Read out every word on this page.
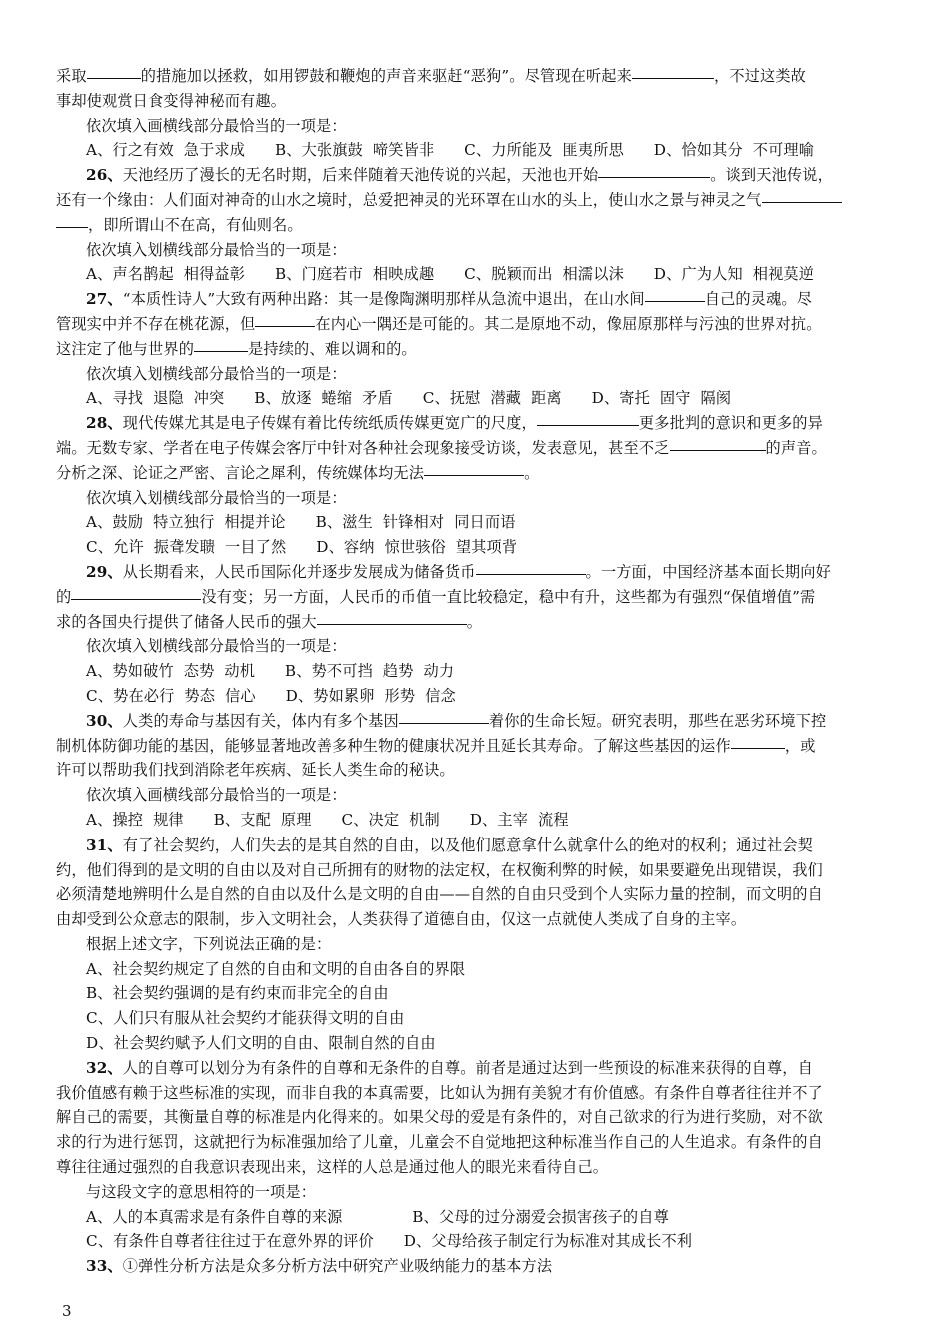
采取	的措施加以拯救，如用锣鼓和鞭炮的声音来驱赶“恶狗”。尽管现在听起来	，不过这类故
事却使观赏日食变得神秘而有趣。
依次填入画横线部分最恰当的一项是：
A、行之有效  急于求成      B、大张旗鼓  啼笑皆非      C、力所能及  匪夷所思      D、恰如其分  不可理喻
26、天池经历了漫长的无名时期，后来伴随着天池传说的兴起，天池也开始	。谈到天池传说，
还有一个缘由：人们面对神奇的山水之境时，总爱把神灵的光环罩在山水的头上，使山水之景与神灵之气
，即所谓山不在高，有仙则名。
依次填入划横线部分最恰当的一项是：
A、声名鹊起  相得益彰      B、门庭若市  相映成趣      C、脱颖而出  相濡以沫      D、广为人知  相视莫逆
27、“本质性诗人”大致有两种出路：其一是像陶渊明那样从急流中退出，在山水间	自己的灵魂。尽
管现实中并不存在桃花源，但	在内心一隅还是可能的。其二是原地不动，像屈原那样与污浊的世界对抗。
这注定了他与世界的	是持续的、难以调和的。
依次填入划横线部分最恰当的一项是：
A、寻找  退隐  冲突      B、放逐  蜷缩  矛盾      C、抚慰  潜藏  距离      D、寄托  固守  隔阂
28、现代传媒尤其是电子传媒有着比传统纸质传媒更宽广的尺度，	更多批判的意识和更多的异
端。无数专家、学者在电子传媒会客厅中针对各种社会现象接受访谈，发表意见，甚至不乏	的声音。
分析之深、论证之严密、言论之犀利，传统媒体均无法	。
依次填入划横线部分最恰当的一项是：
A、鼓励  特立独行  相提并论      B、滋生  针锋相对  同日而语
C、允许  振聋发聩  一目了然      D、容纳  惊世骇俗  望其项背
29、从长期看来，人民币国际化并逐步发展成为储备货币	。一方面，中国经济基本面长期向好
的	没有变；另一方面，人民币的币值一直比较稳定，稳中有升，这些都为有强烈“保值增值”需
求的各国央行提供了储备人民币的强大	。
依次填入划横线部分最恰当的一项是：
A、势如破竹  态势  动机      B、势不可挡  趋势  动力
C、势在必行  势态  信心      D、势如累卵  形势  信念
30、人类的寿命与基因有关，体内有多个基因	着你的生命长短。研究表明，那些在恶劣环境下控
制机体防御功能的基因，能够显著地改善多种生物的健康状况并且延长其寿命。了解这些基因的运作	，或
许可以帮助我们找到消除老年疾病、延长人类生命的秘诀。
依次填入画横线部分最恰当的一项是：
A、操控  规律      B、支配  原理      C、决定  机制      D、主宰  流程
31、有了社会契约，人们失去的是其自然的自由，以及他们愿意拿什么就拿什么的绝对的权利；通过社会契
约，他们得到的是文明的自由以及对自己所拥有的财物的法定权，在权衡利弊的时候，如果要避免出现错误，我们
必须清楚地辨明什么是自然的自由以及什么是文明的自由——自然的自由只受到个人实际力量的控制，而文明的自
由却受到公众意志的限制，步入文明社会，人类获得了道德自由，仅这一点就使人类成了自身的主宰。
根据上述文字，下列说法正确的是：
A、社会契约规定了自然的自由和文明的自由各自的界限
B、社会契约强调的是有约束而非完全的自由
C、人们只有服从社会契约才能获得文明的自由
D、社会契约赋予人们文明的自由、限制自然的自由
32、人的自尊可以划分为有条件的自尊和无条件的自尊。前者是通过达到一些预设的标准来获得的自尊，自
我价值感有赖于这些标准的实现，而非自我的本真需要，比如认为拥有美貌才有价值感。有条件自尊者往往并不了
解自己的需要，其衡量自尊的标准是内化得来的。如果父母的爱是有条件的，对自己欲求的行为进行奖励，对不欲
求的行为进行惩罚，这就把行为标准强加给了儿童，儿童会不自觉地把这种标准当作自己的人生追求。有条件的自
尊往往通过强烈的自我意识表现出来，这样的人总是通过他人的眼光来看待自己。
与这段文字的意思相符的一项是：
A、人的本真需求是有条件自尊的来源              B、父母的过分溺爱会损害孩子的自尊
C、有条件自尊者往往过于在意外界的评价      D、父母给孩子制定行为标准对其成长不利
33、①弹性分析方法是众多分析方法中研究产业吸纳能力的基本方法
3
